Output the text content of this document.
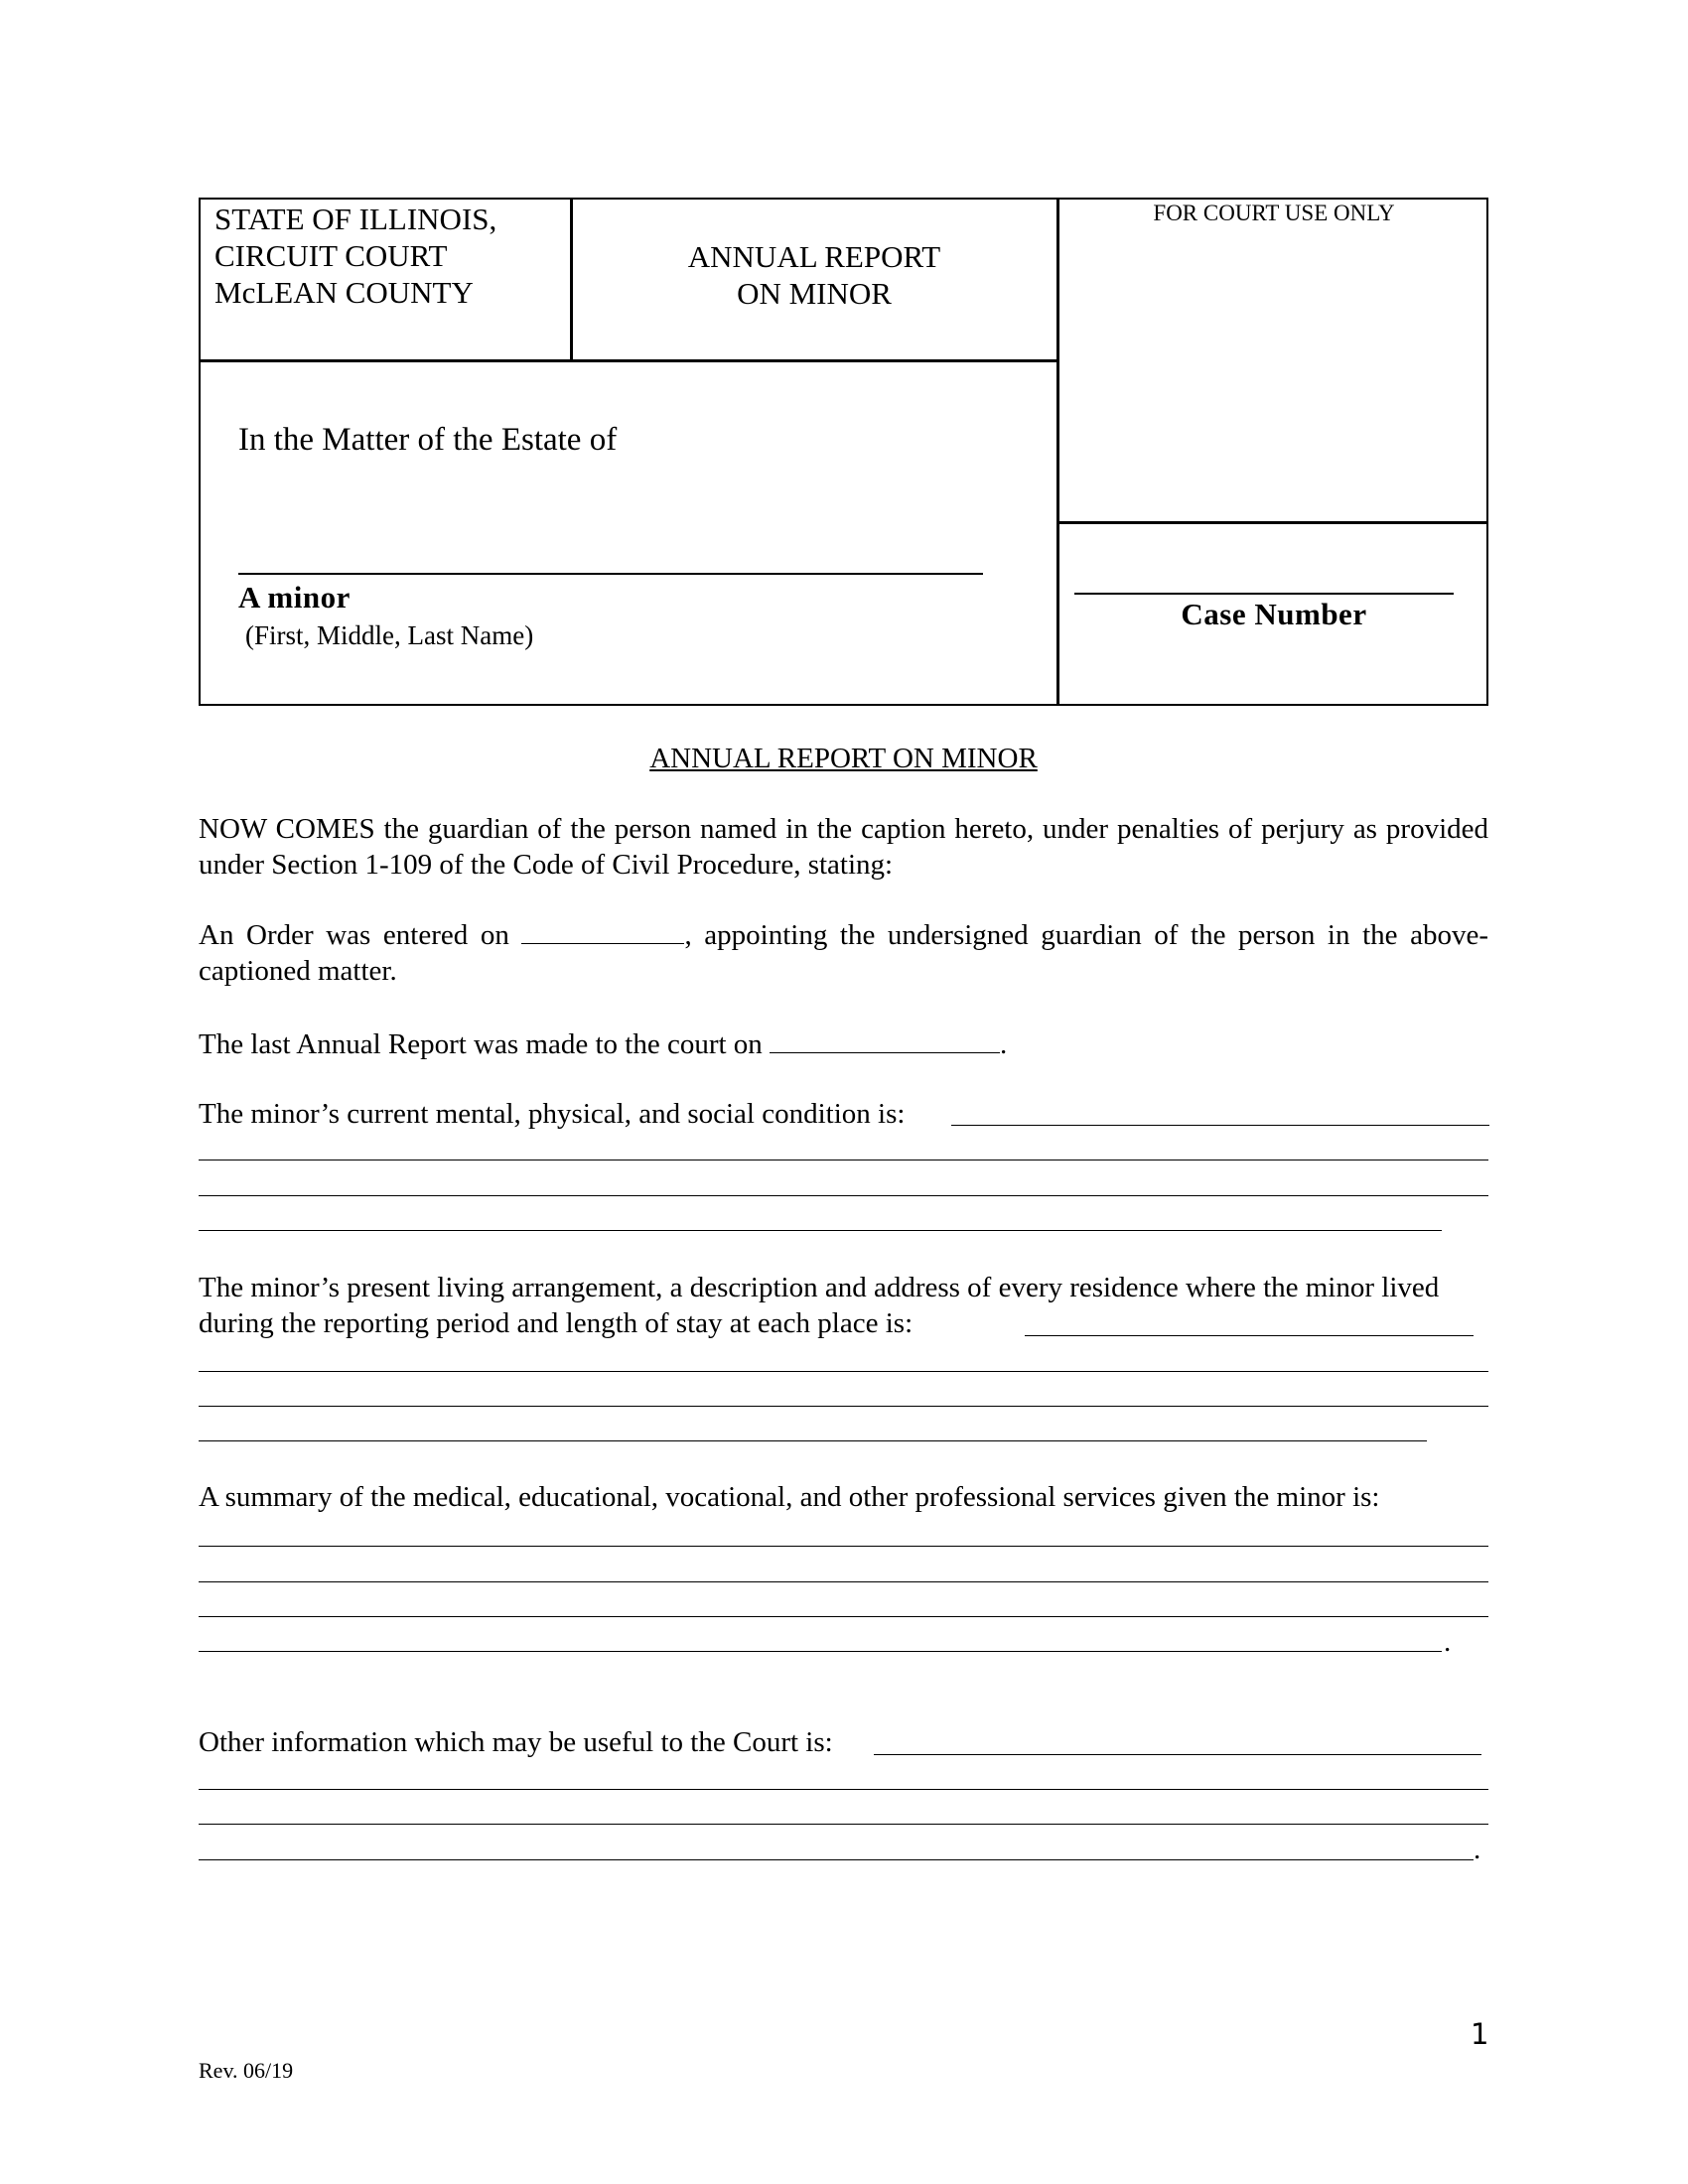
STATE OF ILLINOIS,
CIRCUIT COURT
McLEAN COUNTY
ANNUAL REPORT
ON MINOR
FOR COURT USE ONLY
In the Matter of the Estate of
A minor
(First, Middle, Last Name)
Case Number
ANNUAL REPORT ON MINOR
NOW COMES the guardian of the person named in the caption hereto, under penalties of perjury as provided under Section 1-109 of the Code of Civil Procedure, stating:
An Order was entered on	, appointing the undersigned guardian of the person in the above-captioned matter.
The last Annual Report was made to the court on	.
The minor’s current mental, physical, and social condition is:
The minor’s present living arrangement, a description and address of every residence where the minor lived during the reporting period and length of stay at each place is:
A summary of the medical, educational, vocational, and other professional services given the minor is:
.
Other information which may be useful to the Court is:
.
1
Rev. 06/19
